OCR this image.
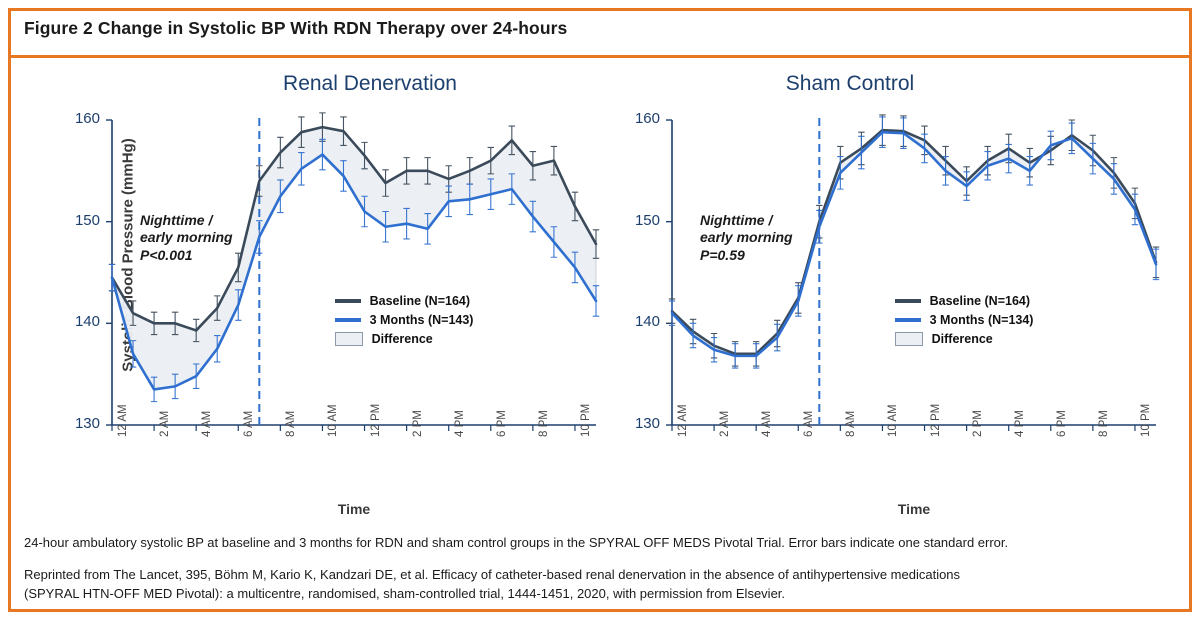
Figure 2 Change in Systolic BP With RDN Therapy over 24-hours
Renal Denervation
Systolic Blood Pressure (mmHg)
130
140
150
160
12 AM	2 AM	4 AM	6 AM	8 AM	10 AM	12 PM	2 PM	4 PM	6 PM	8 PM	10 PM
Time
Nighttime /
early morning
P<0.001
Baseline (N=164)
3 Months (N=143)
Difference
Sham Control
130
140
150
160
12 AM	2 AM	4 AM	6 AM	8 AM	10 AM	12 PM	2 PM	4 PM	6 PM	8 PM	10 PM
Time
Nighttime /
early morning
P=0.59
Baseline (N=164)
3 Months (N=134)
Difference
24-hour ambulatory systolic BP at baseline and 3 months for RDN and sham control groups in the SPYRAL OFF MEDS Pivotal Trial. Error bars indicate one standard error.
Reprinted from The Lancet, 395, Böhm M, Kario K, Kandzari DE, et al. Efficacy of catheter-based renal denervation in the absence of antihypertensive medications
(SPYRAL HTN-OFF MED Pivotal): a multicentre, randomised, sham-controlled trial, 1444-1451, 2020, with permission from Elsevier.
